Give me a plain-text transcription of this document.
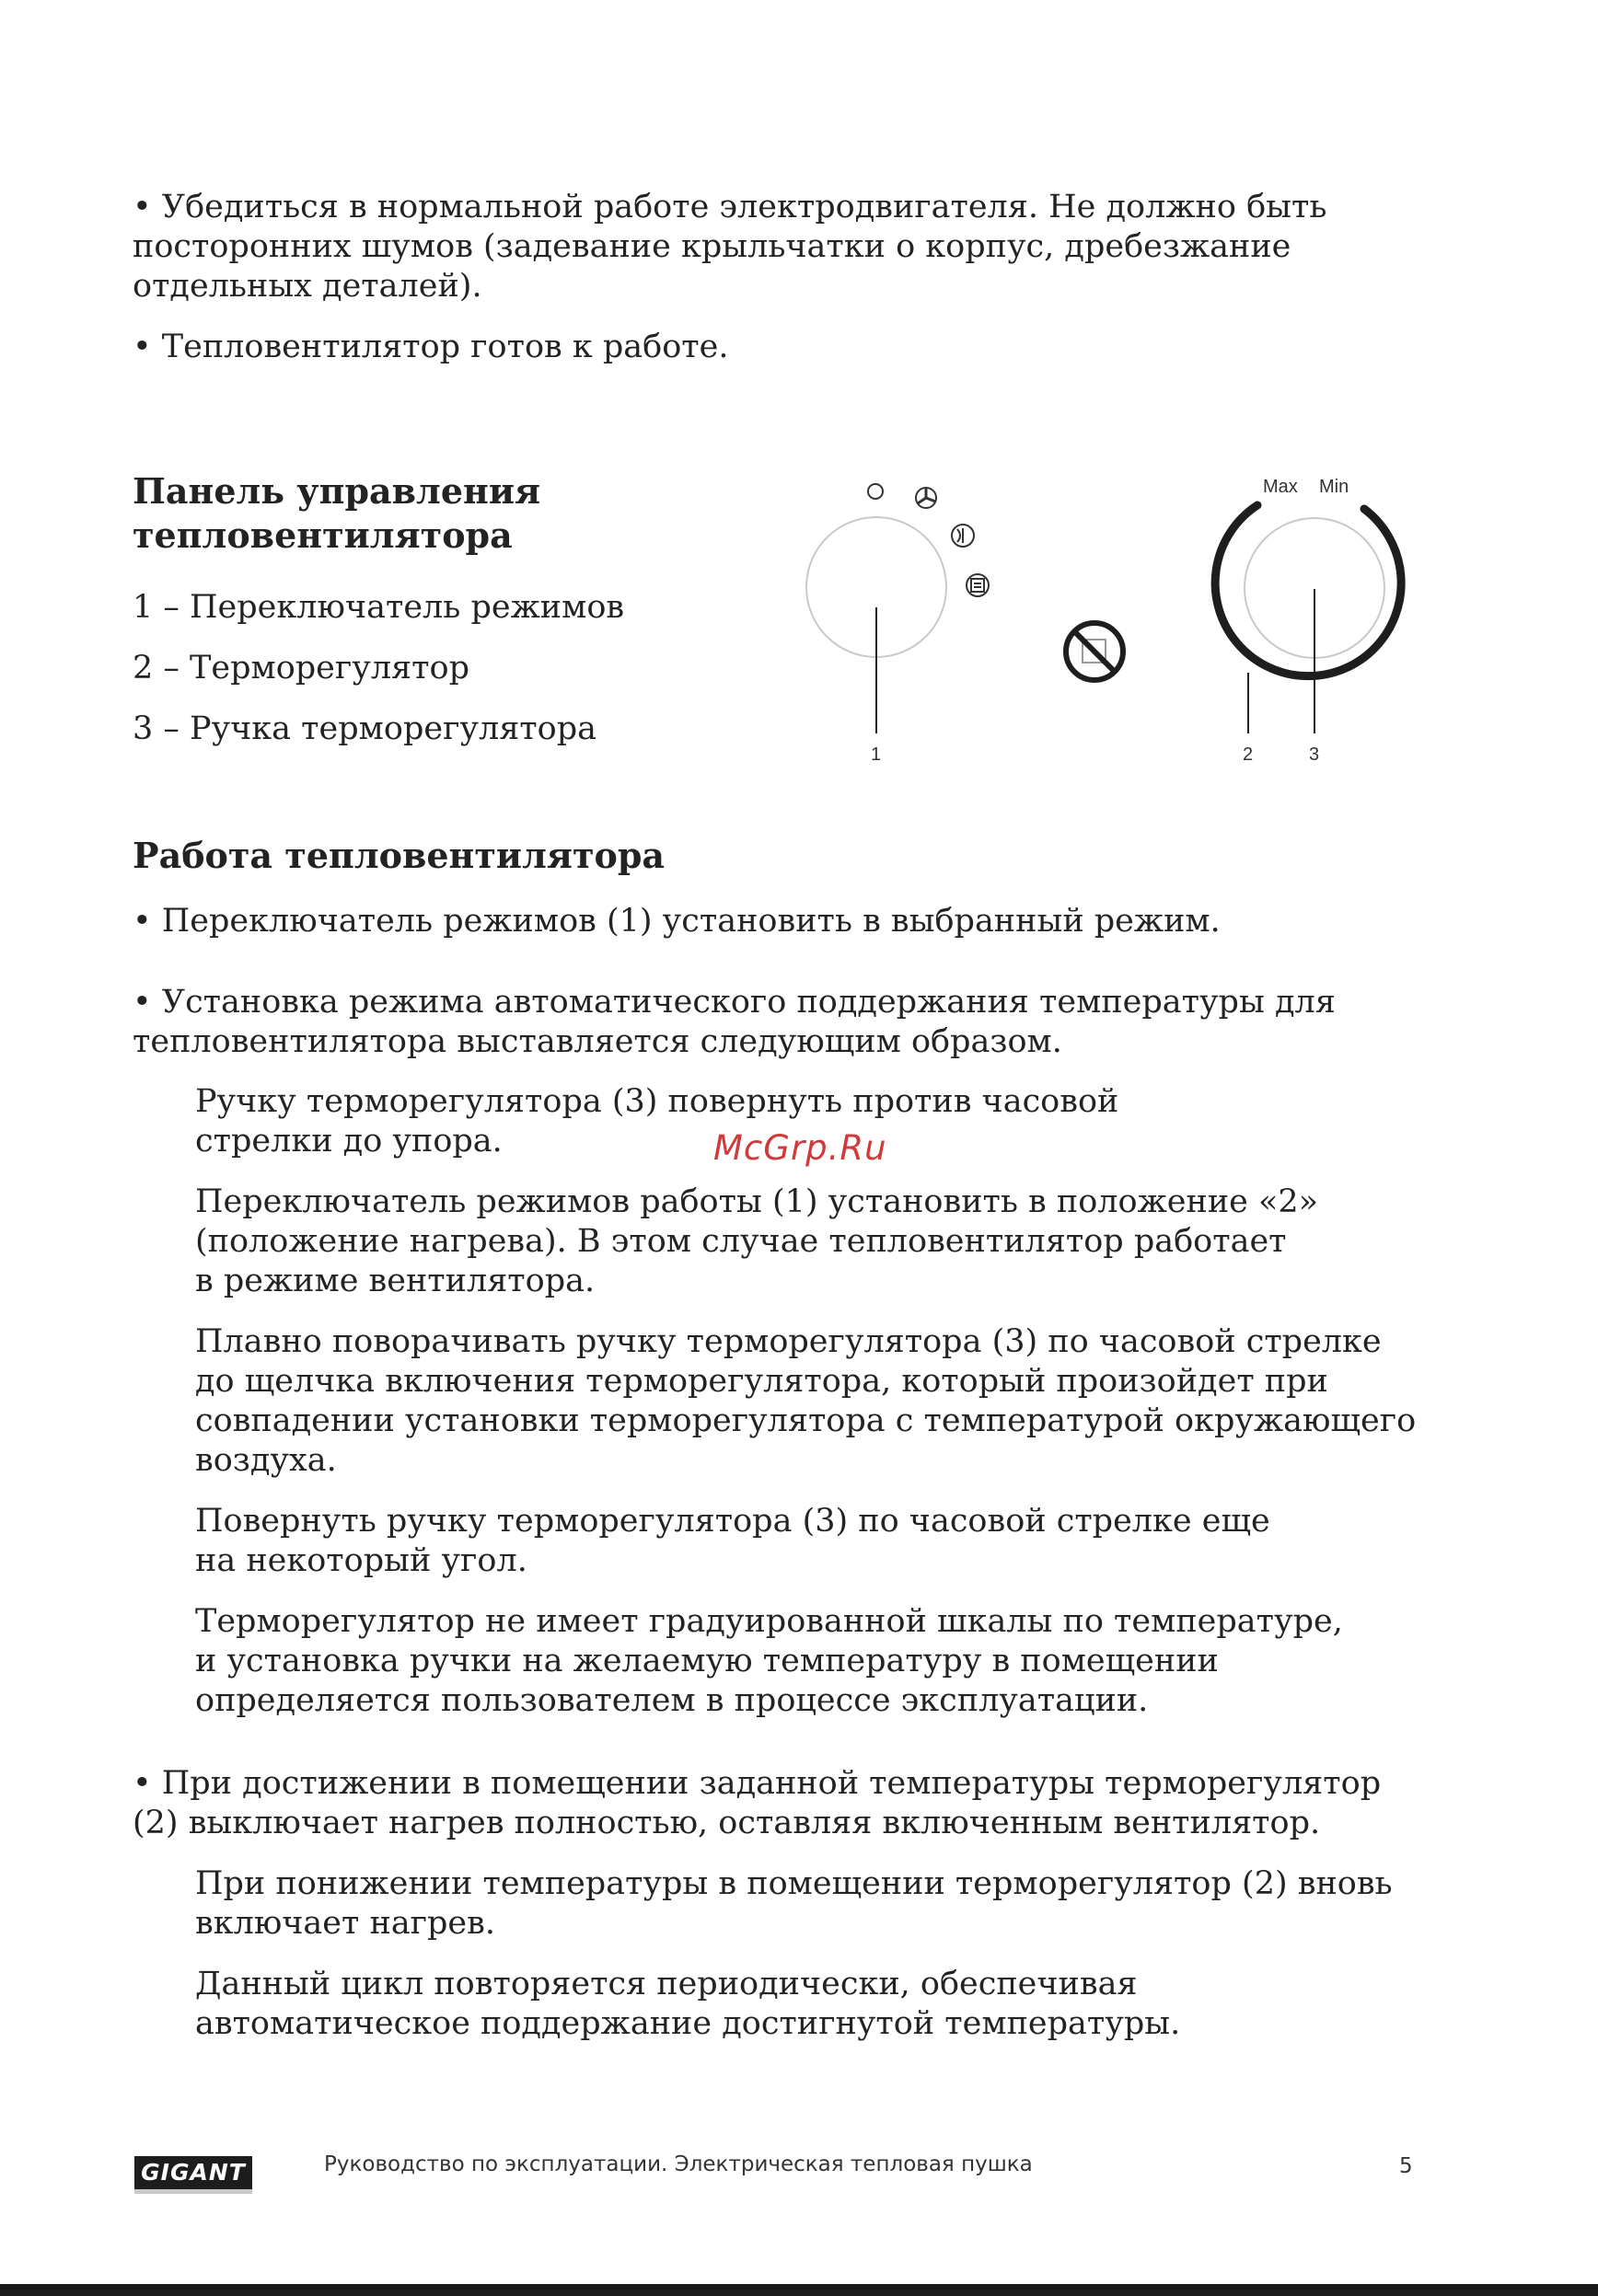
• Убедиться в нормальной работе электродвигателя. Не должно быть

посторонних шумов (задевание крыльчатки о корпус, дребезжание

отдельных деталей).

• Тепловентилятор готов к работе.

Панель управления
тепловентилятора

1 – Переключатель режимов

2 – Терморегулятор

3 – Ручка терморегулятора

Max Min
1	2	3
Работа тепловентилятора

• Переключатель режимов (1) установить в выбранный режим.

• Установка режима автоматического поддержания температуры для

тепловентилятора выставляется следующим образом.

Ручку терморегулятора (3) повернуть против часовой

стрелки до упора.	McGrp.Ru

Переключатель режимов работы (1) установить в положение «2»

(положение нагрева). В этом случае тепловентилятор работает

в режиме вентилятора.

Плавно поворачивать ручку терморегулятора (3) по часовой стрелке

до щелчка включения терморегулятора, который произойдет при

совпадении установки терморегулятора с температурой окружающего

воздуха.

Повернуть ручку терморегулятора (3) по часовой стрелке еще

на некоторый угол.

Терморегулятор не имеет градуированной шкалы по температуре,

и установка ручки на желаемую температуру в помещении

определяется пользователем в процессе эксплуатации.

• При достижении в помещении заданной температуры терморегулятор

(2) выключает нагрев полностью, оставляя включенным вентилятор.

При понижении температуры в помещении терморегулятор (2) вновь

включает нагрев.

Данный цикл повторяется периодически, обеспечивая

автоматическое поддержание достигнутой температуры.

GIGANT	Руководство по эксплуатации. Электрическая тепловая пушка	5
